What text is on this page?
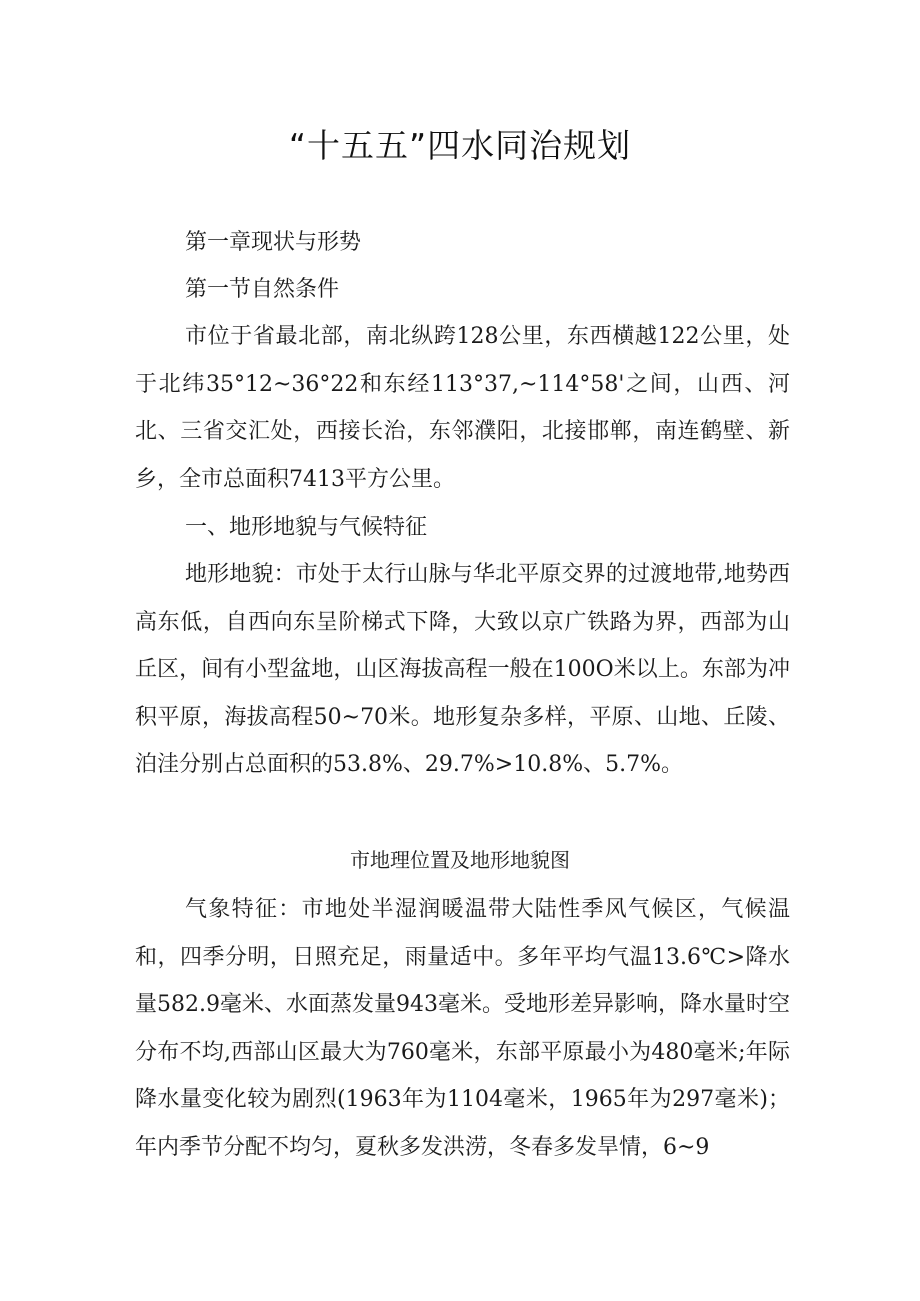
“十五五”四水同治规划
第一章现状与形势
第一节自然条件

市位于省最北部，南北纵跨128公里，东西横越122公里，处于北纬35°12~36°22和东经113°37,~114°58'之间，山西、河北、三省交汇处，西接长治，东邻濮阳，北接邯郸，南连鹤壁、新乡，全市总面积7413平方公里。

一、地形地貌与气候特征

地形地貌：市处于太行山脉与华北平原交界的过渡地带,地势西高东低，自西向东呈阶梯式下降，大致以京广铁路为界，西部为山丘区，间有小型盆地，山区海拔高程一般在100O米以上。东部为冲积平原，海拔高程50~70米。地形复杂多样，平原、山地、丘陵、泊洼分别占总面积的53.8%、29.7%>10.8%、5.7%。

市地理位置及地形地貌图

气象特征：市地处半湿润暖温带大陆性季风气候区，气候温和，四季分明，日照充足，雨量适中。多年平均气温13.6℃>降水量582.9毫米、水面蒸发量943毫米。受地形差异影响，降水量时空分布不均,西部山区最大为760毫米，东部平原最小为480毫米;年际降水量变化较为剧烈(1963年为1104毫米，1965年为297毫米)；年内季节分配不均匀，夏秋多发洪涝，冬春多发旱情，6~9
